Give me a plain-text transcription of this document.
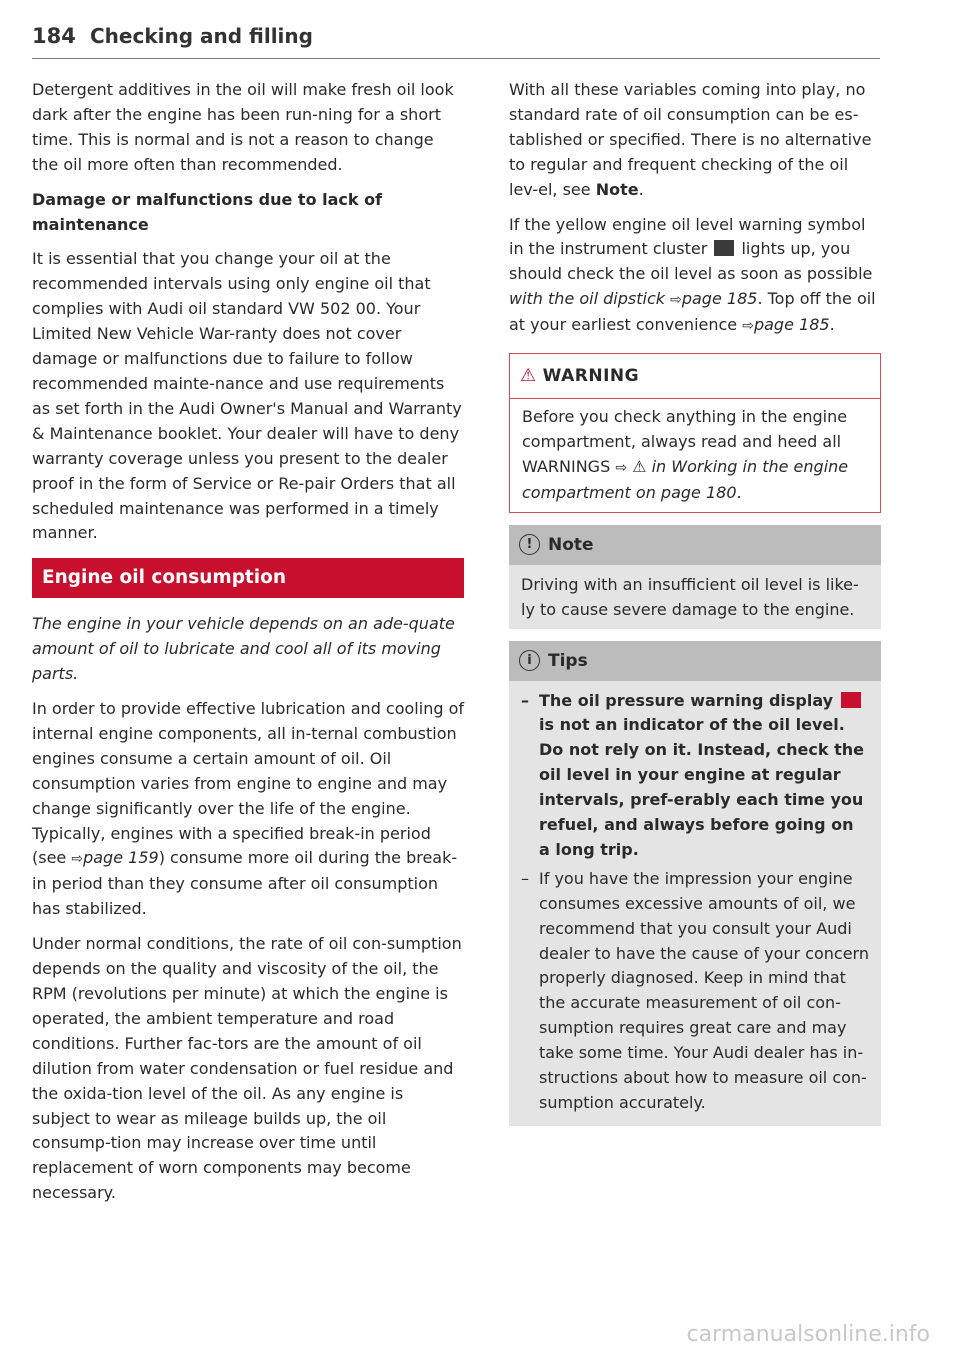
184 Checking and filling

Detergent additives in the oil will make fresh oil look dark after the engine has been run-ning for a short time. This is normal and is not a reason to change the oil more often than recommended.

Damage or malfunctions due to lack of maintenance

It is essential that you change your oil at the recommended intervals using only engine oil that complies with Audi oil standard VW 502 00. Your Limited New Vehicle War-ranty does not cover damage or malfunctions due to failure to follow recommended mainte-nance and use requirements as set forth in the Audi Owner's Manual and Warranty & Maintenance booklet. Your dealer will have to deny warranty coverage unless you present to the dealer proof in the form of Service or Re-pair Orders that all scheduled maintenance was performed in a timely manner.

Engine oil consumption

The engine in your vehicle depends on an ade-quate amount of oil to lubricate and cool all of its moving parts.

In order to provide effective lubrication and cooling of internal engine components, all in-ternal combustion engines consume a certain amount of oil. Oil consumption varies from engine to engine and may change significantly over the life of the engine. Typically, engines with a specified break-in period (see ⇨page 159) consume more oil during the break-in period than they consume after oil consumption has stabilized.

Under normal conditions, the rate of oil con-sumption depends on the quality and viscosity of the oil, the RPM (revolutions per minute) at which the engine is operated, the ambient temperature and road conditions. Further fac-tors are the amount of oil dilution from water condensation or fuel residue and the oxida-tion level of the oil. As any engine is subject to wear as mileage builds up, the oil consump-tion may increase over time until replacement of worn components may become necessary.

With all these variables coming into play, no standard rate of oil consumption can be es-tablished or specified. There is no alternative to regular and frequent checking of the oil lev-el, see Note.

If the yellow engine oil level warning symbol in the instrument cluster lights up, you should check the oil level as soon as possible with the oil dipstick ⇨page 185. Top off the oil at your earliest convenience ⇨page 185.

⚠ WARNING
Before you check anything in the engine compartment, always read and heed all WARNINGS ⇨ ⚠ in Working in the engine compartment on page 180.
! Note
Driving with an insufficient oil level is like-ly to cause severe damage to the engine.
i Tips
– The oil pressure warning display  is not an indicator of the oil level. Do not rely on it. Instead, check the oil level in your engine at regular intervals, pref-erably each time you refuel, and always before going on a long trip.
– If you have the impression your engine consumes excessive amounts of oil, we recommend that you consult your Audi dealer to have the cause of your concern properly diagnosed. Keep in mind that the accurate measurement of oil con-sumption requires great care and may take some time. Your Audi dealer has in-structions about how to measure oil con-sumption accurately.
carmanualsonline.info
